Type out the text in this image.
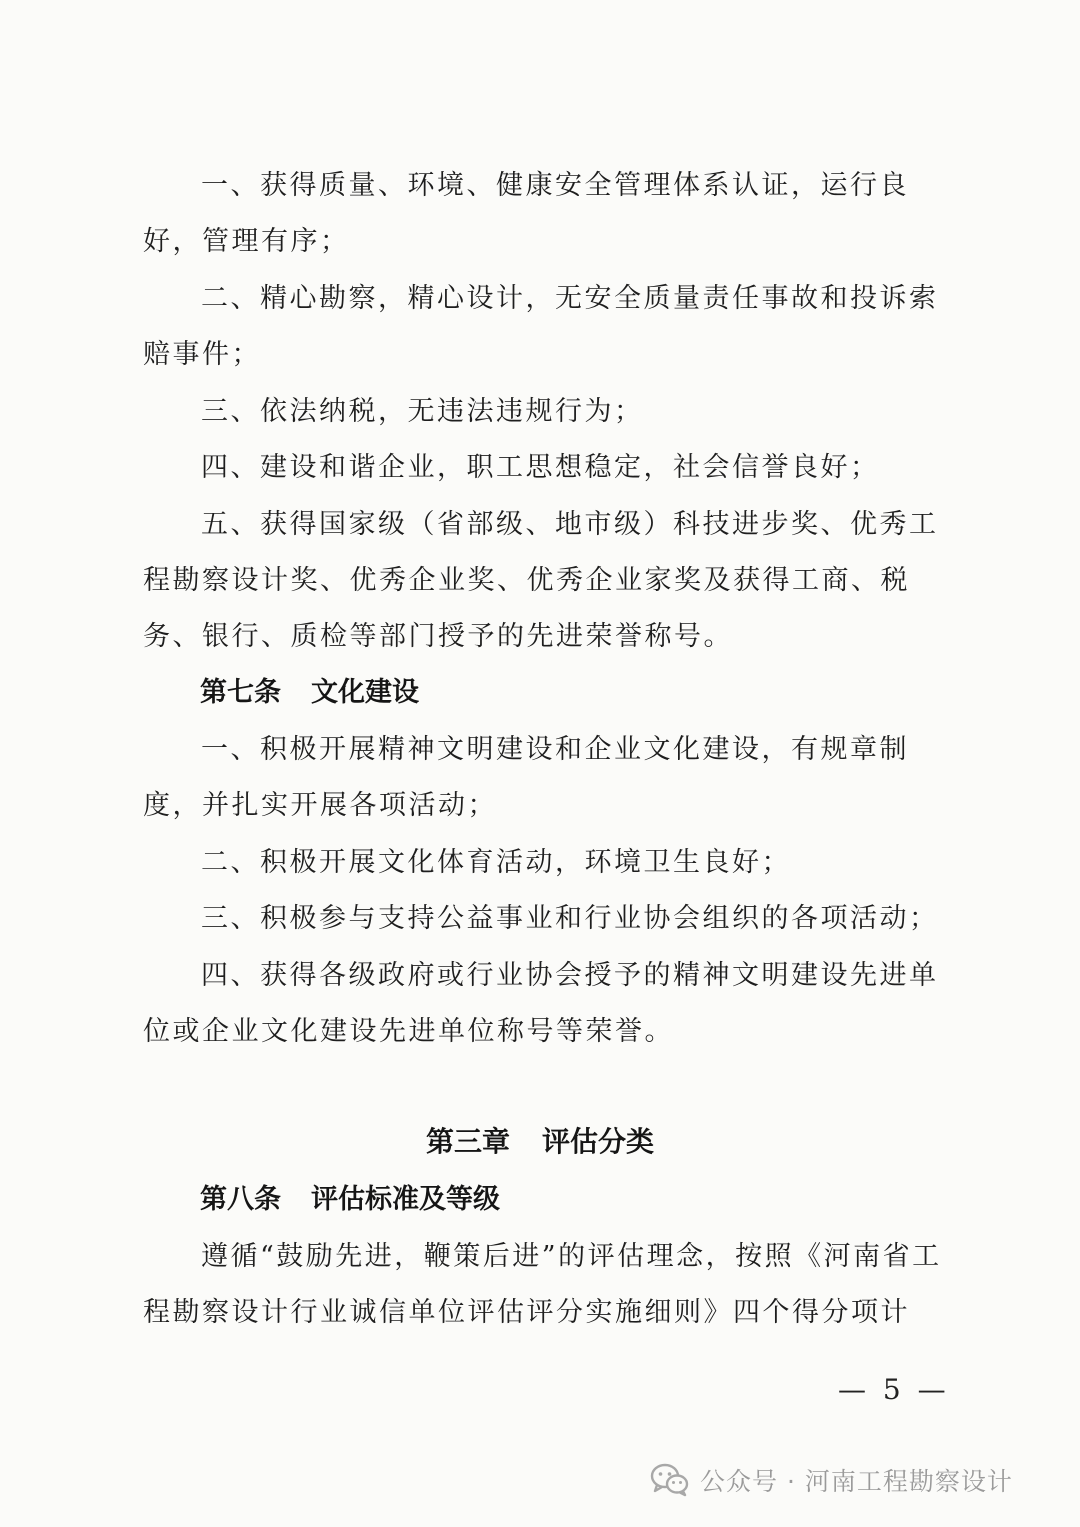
一、获得质量、环境、健康安全管理体系认证，运行良好，管理有序；

二、精心勘察，精心设计，无安全质量责任事故和投诉索赔事件；

三、依法纳税，无违法违规行为；

四、建设和谐企业，职工思想稳定，社会信誉良好；

五、获得国家级（省部级、地市级）科技进步奖、优秀工程勘察设计奖、优秀企业奖、优秀企业家奖及获得工商、税务、银行、质检等部门授予的先进荣誉称号。

第七条 文化建设

一、积极开展精神文明建设和企业文化建设，有规章制度，并扎实开展各项活动；

二、积极开展文化体育活动，环境卫生良好；

三、积极参与支持公益事业和行业协会组织的各项活动；

四、获得各级政府或行业协会授予的精神文明建设先进单位或企业文化建设先进单位称号等荣誉。

第三章 评估分类
第八条 评估标准及等级

遵循“鼓励先进，鞭策后进”的评估理念，按照《河南省工程勘察设计行业诚信单位评估评分实施细则》四个得分项计

— 5 —
公众号 · 河南工程勘察设计
